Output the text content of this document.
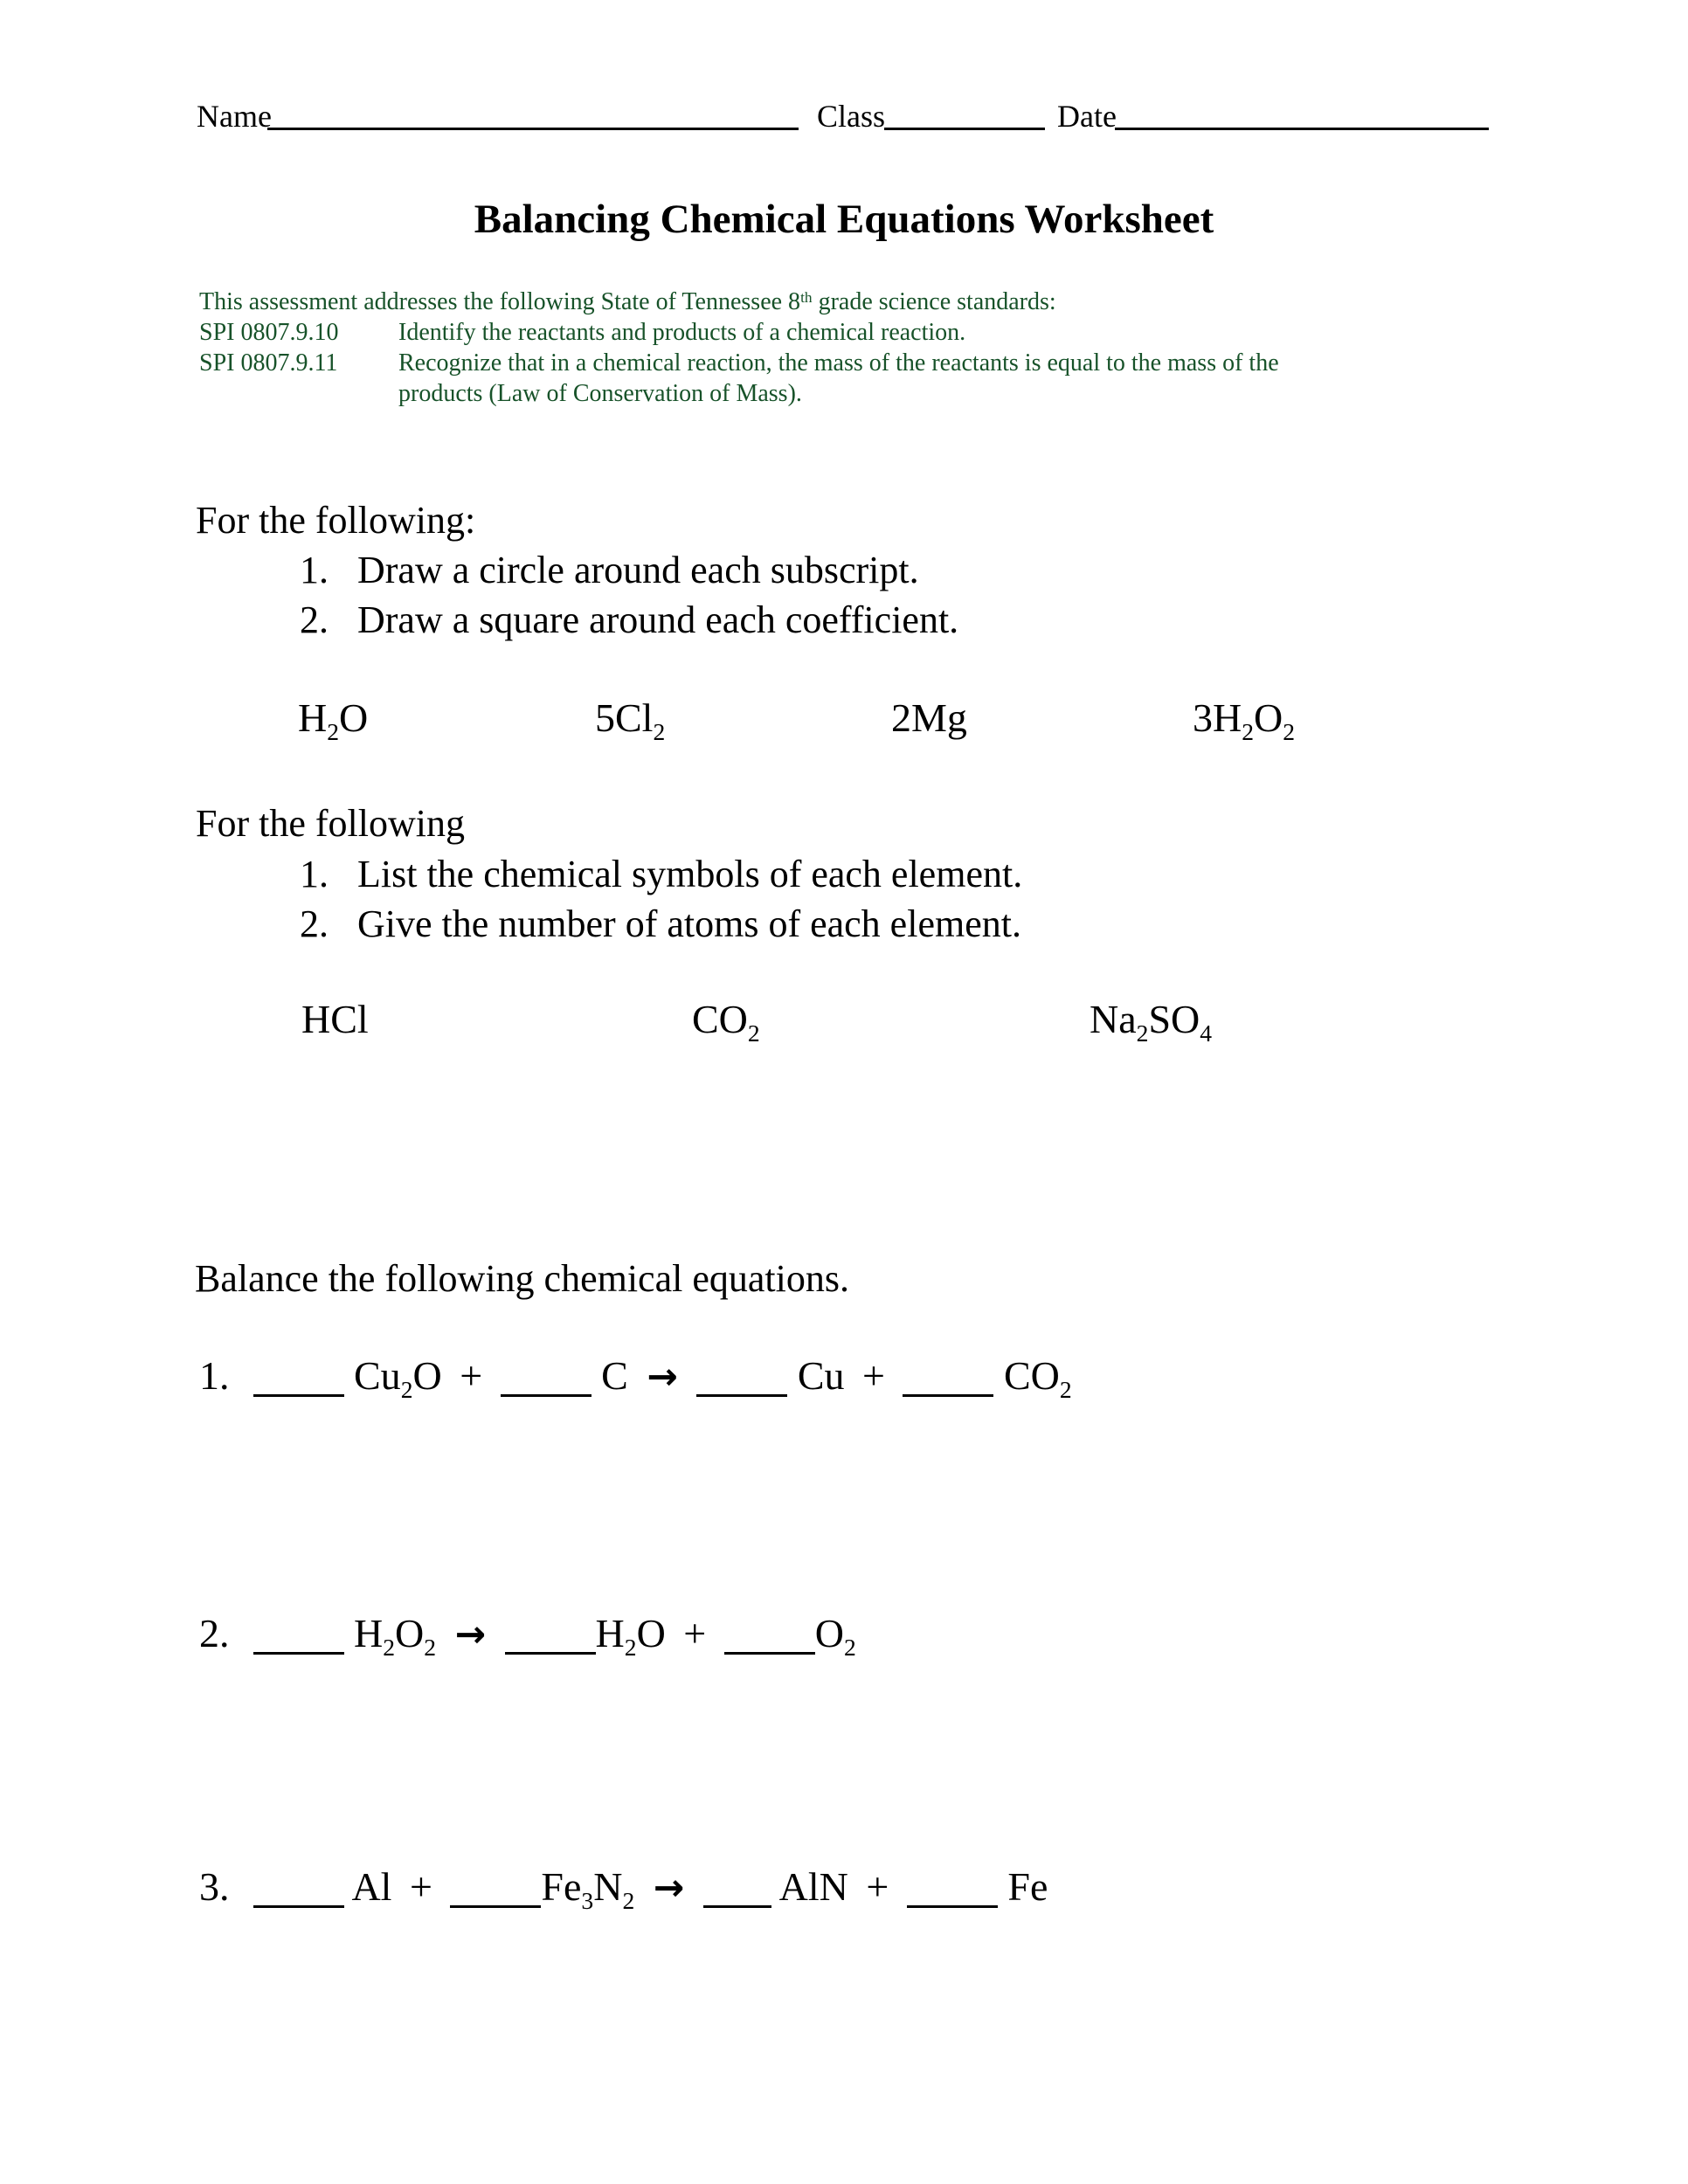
Name	Class	Date
Balancing Chemical Equations Worksheet
This assessment addresses the following State of Tennessee 8th grade science standards:
SPI 0807.9.10 Identify the reactants and products of a chemical reaction.
SPI 0807.9.11 Recognize that in a chemical reaction, the mass of the reactants is equal to the mass of the
products (Law of Conservation of Mass).
For the following:
1. Draw a circle around each subscript.
2. Draw a square around each coefficient.
$H_2O$	$5Cl_2$	2Mg	$3H_2O_2$
For the following
1. List the chemical symbols of each element.
2. Give the number of atoms of each element.
HCl	$CO_2$	$Na_2SO_4$
Balance the following chemical equations.
1.	$Cu_2O$ +	C →	Cu +	$CO_2$
2.	$H_2O_2$ →	$H_2O$ +	$O_2$
3.	Al +	$Fe_3N_2$ →  AlN +	Fe
